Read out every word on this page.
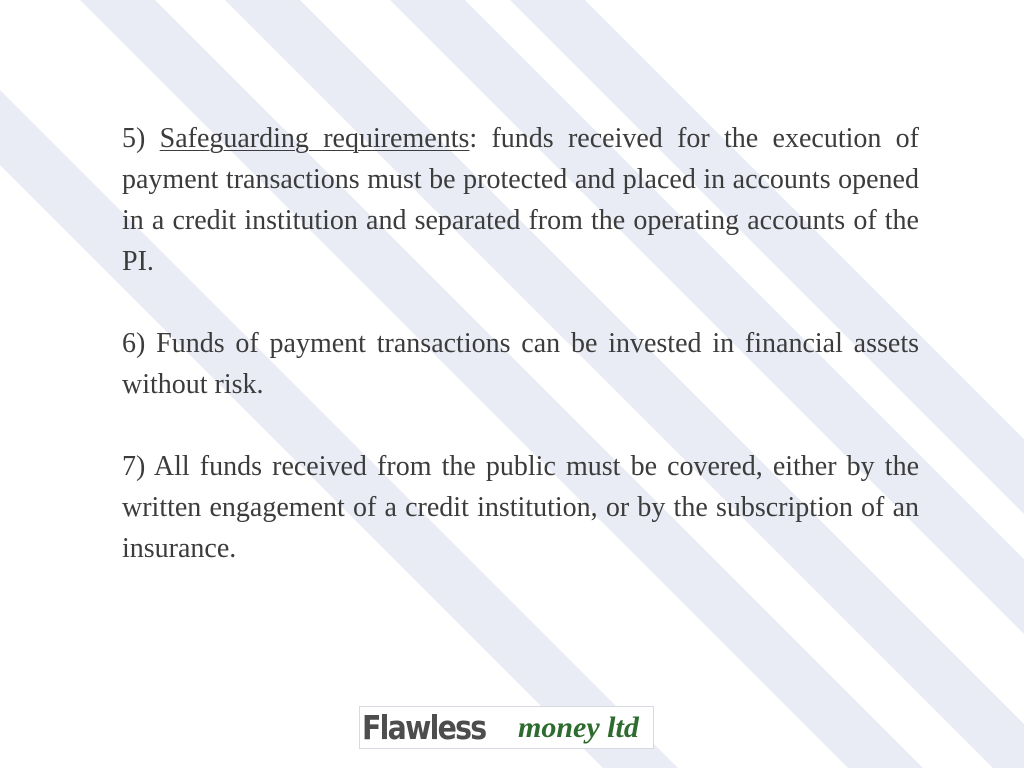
5) Safeguarding requirements: funds received for the execution of payment transactions must be protected and placed in accounts opened in a credit institution and separated from the operating accounts of the PI.

6) Funds of payment transactions can be invested in financial assets without risk.

7) All funds received from the public must be covered, either by the written engagement of a credit institution, or by the subscription of an insurance.

Flawless	money ltd
